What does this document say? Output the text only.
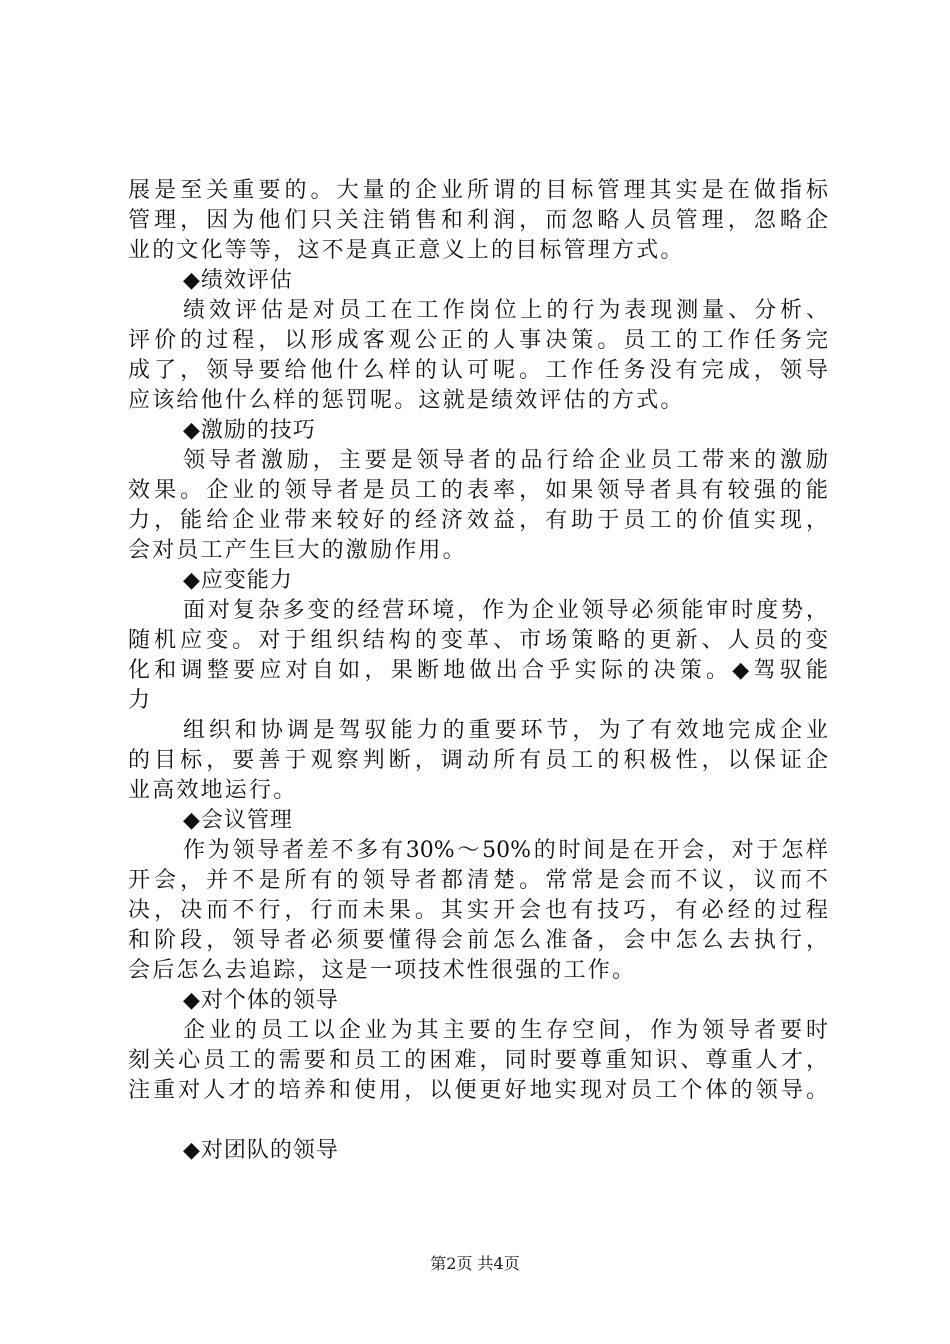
展是至关重要的。大量的企业所谓的目标管理其实是在做指标
管理，因为他们只关注销售和利润，而忽略人员管理，忽略企
业的文化等等，这不是真正意义上的目标管理方式。
◆绩效评估
绩效评估是对员工在工作岗位上的行为表现测量、分析、
评价的过程，以形成客观公正的人事决策。员工的工作任务完
成了，领导要给他什么样的认可呢。工作任务没有完成，领导
应该给他什么样的惩罚呢。这就是绩效评估的方式。
◆激励的技巧
领导者激励，主要是领导者的品行给企业员工带来的激励
效果。企业的领导者是员工的表率，如果领导者具有较强的能
力，能给企业带来较好的经济效益，有助于员工的价值实现，
会对员工产生巨大的激励作用。
◆应变能力
面对复杂多变的经营环境，作为企业领导必须能审时度势，
随机应变。对于组织结构的变革、市场策略的更新、人员的变
化和调整要应对自如，果断地做出合乎实际的决策。◆驾驭能
力
组织和协调是驾驭能力的重要环节，为了有效地完成企业
的目标，要善于观察判断，调动所有员工的积极性，以保证企
业高效地运行。
◆会议管理
作为领导者差不多有30%～50%的时间是在开会，对于怎样
开会，并不是所有的领导者都清楚。常常是会而不议，议而不
决，决而不行，行而未果。其实开会也有技巧，有必经的过程
和阶段，领导者必须要懂得会前怎么准备，会中怎么去执行，
会后怎么去追踪，这是一项技术性很强的工作。
◆对个体的领导
企业的员工以企业为其主要的生存空间，作为领导者要时
刻关心员工的需要和员工的困难，同时要尊重知识、尊重人才，
注重对人才的培养和使用，以便更好地实现对员工个体的领导。
◆对团队的领导
第2页 共4页
